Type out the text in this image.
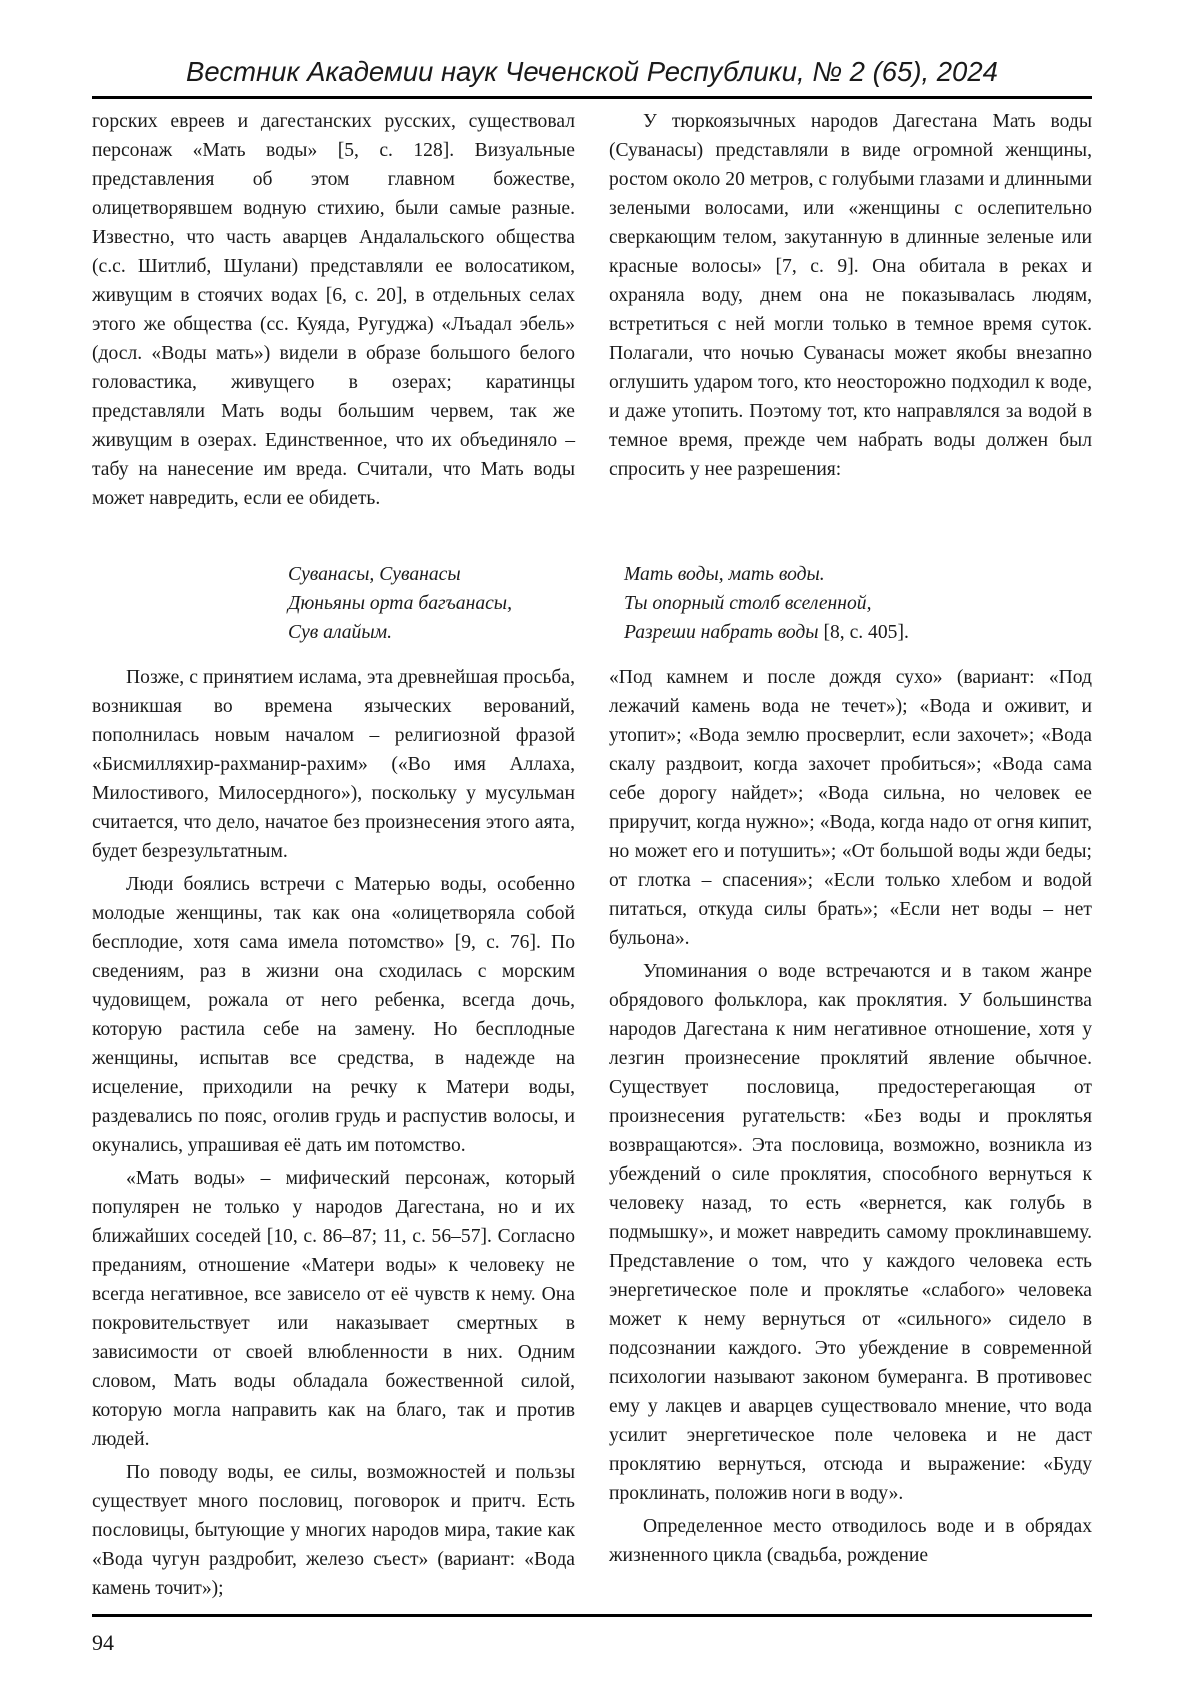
Вестник Академии наук Чеченской Республики, № 2 (65), 2024

горских евреев и дагестанских русских, существовал персонаж «Мать воды» [5, с. 128]. Визуальные представления об этом главном божестве, олицетворявшем водную стихию, были самые разные. Известно, что часть аварцев Андалальского общества (с.с. Шитлиб, Шулани) представляли ее волосатиком, живущим в стоячих водах [6, с. 20], в отдельных селах этого же общества (сс. Куяда, Ругуджа) «Лъадал эбель» (досл. «Воды мать») видели в образе большого белого головастика, живущего в озерах; каратинцы представляли Мать воды большим червем, так же живущим в озерах. Единственное, что их объединяло – табу на нанесение им вреда. Считали, что Мать воды может навредить, если ее обидеть.

У тюркоязычных народов Дагестана Мать воды (Суванасы) представляли в виде огромной женщины, ростом около 20 метров, с голубыми глазами и длинными зелеными волосами, или «женщины с ослепительно сверкающим телом, закутанную в длинные зеленые или красные волосы» [7, с. 9]. Она обитала в реках и охраняла воду, днем она не показывалась людям, встретиться с ней могли только в темное время суток. Полагали, что ночью Суванасы может якобы внезапно оглушить ударом того, кто неосторожно подходил к воде, и даже утопить. Поэтому тот, кто направлялся за водой в темное время, прежде чем набрать воды должен был спросить у нее разрешения:

Суванасы, Суванасы
Дюньяны орта багъанасы,
Сув алайым.
Мать воды, мать воды.
Ты опорный столб вселенной,
Разреши набрать воды [8, с. 405].

Позже, с принятием ислама, эта древнейшая просьба, возникшая во времена языческих верований, пополнилась новым началом – религиозной фразой «Бисмилляхир-рахманир-рахим» («Во имя Аллаха, Милостивого, Милосердного»), поскольку у мусульман считается, что дело, начатое без произнесения этого аята, будет безрезультатным.

Люди боялись встречи с Матерью воды, особенно молодые женщины, так как она «олицетворяла собой бесплодие, хотя сама имела потомство» [9, с. 76]. По сведениям, раз в жизни она сходилась с морским чудовищем, рожала от него ребенка, всегда дочь, которую растила себе на замену. Но бесплодные женщины, испытав все средства, в надежде на исцеление, приходили на речку к Матери воды, раздевались по пояс, оголив грудь и распустив волосы, и окунались, упрашивая её дать им потомство.

«Мать воды» – мифический персонаж, который популярен не только у народов Дагестана, но и их ближайших соседей [10, с. 86–87; 11, с. 56–57]. Согласно преданиям, отношение «Матери воды» к человеку не всегда негативное, все зависело от её чувств к нему. Она покровительствует или наказывает смертных в зависимости от своей влюбленности в них. Одним словом, Мать воды обладала божественной силой, которую могла направить как на благо, так и против людей.

По поводу воды, ее силы, возможностей и пользы существует много пословиц, поговорок и притч. Есть пословицы, бытующие у многих народов мира, такие как «Вода чугун раздробит, железо съест» (вариант: «Вода камень точит»);

«Под камнем и после дождя сухо» (вариант: «Под лежачий камень вода не течет»); «Вода и оживит, и утопит»; «Вода землю просверлит, если захочет»; «Вода скалу раздвоит, когда захочет пробиться»; «Вода сама себе дорогу найдет»; «Вода сильна, но человек ее приручит, когда нужно»; «Вода, когда надо от огня кипит, но может его и потушить»; «От большой воды жди беды; от глотка – спасения»; «Если только хлебом и водой питаться, откуда силы брать»; «Если нет воды – нет бульона».

Упоминания о воде встречаются и в таком жанре обрядового фольклора, как проклятия. У большинства народов Дагестана к ним негативное отношение, хотя у лезгин произнесение проклятий явление обычное. Существует пословица, предостерегающая от произнесения ругательств: «Без воды и проклятья возвращаются». Эта пословица, возможно, возникла из убеждений о силе проклятия, способного вернуться к человеку назад, то есть «вернется, как голубь в подмышку», и может навредить самому проклинавшему. Представление о том, что у каждого человека есть энергетическое поле и проклятье «слабого» человека может к нему вернуться от «сильного» сидело в подсознании каждого. Это убеждение в современной психологии называют законом бумеранга. В противовес ему у лакцев и аварцев существовало мнение, что вода усилит энергетическое поле человека и не даст проклятию вернуться, отсюда и выражение: «Буду проклинать, положив ноги в воду».

Определенное место отводилось воде и в обрядах жизненного цикла (свадьба, рождение

94
